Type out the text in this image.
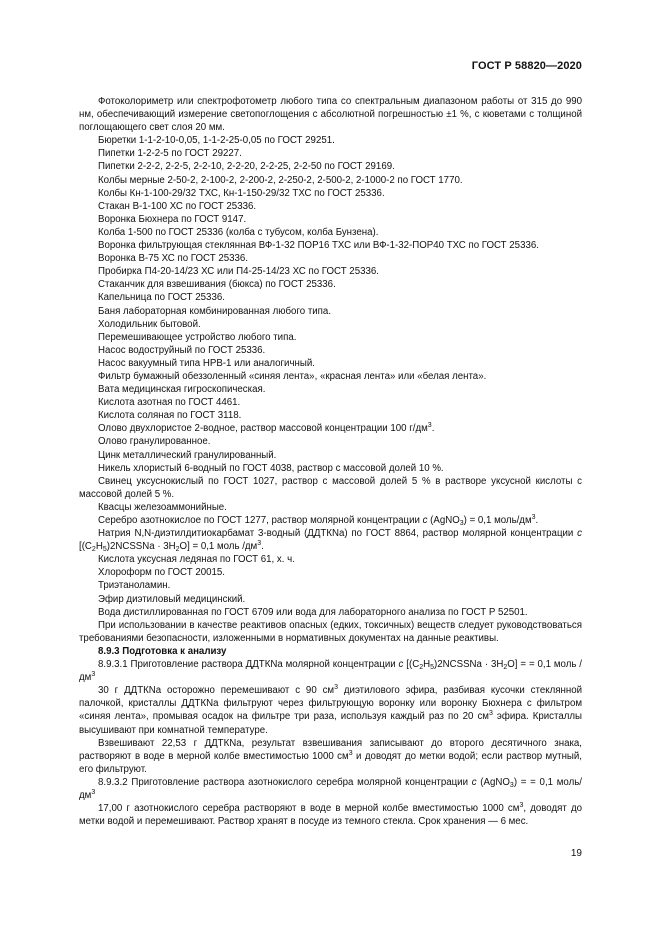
ГОСТ Р 58820—2020

Фотоколориметр или спектрофотометр любого типа со спектральным диапазоном работы от 315 до 990 нм, обеспечивающий измерение светопоглощения с абсолютной погрешностью ±1 %, с кюветами с толщиной поглощающего свет слоя 20 мм.

Бюретки 1-1-2-10-0,05, 1-1-2-25-0,05 по ГОСТ 29251.

Пипетки 1-2-2-5 по ГОСТ 29227.

Пипетки 2-2-2, 2-2-5, 2-2-10, 2-2-20, 2-2-25, 2-2-50 по ГОСТ 29169.

Колбы мерные 2-50-2, 2-100-2, 2-200-2, 2-250-2, 2-500-2, 2-1000-2 по ГОСТ 1770.

Колбы Кн-1-100-29/32 ТХС, Кн-1-150-29/32 ТХС по ГОСТ 25336.

Стакан В-1-100 ХС по ГОСТ 25336.

Воронка Бюхнера по ГОСТ 9147.

Колба 1-500 по ГОСТ 25336 (колба с тубусом, колба Бунзена).

Воронка фильтрующая стеклянная ВФ-1-32 ПОР16 ТХС или ВФ-1-32-ПОР40 ТХС по ГОСТ 25336.

Воронка В-75 ХС по ГОСТ 25336.

Пробирка П4-20-14/23 ХС или П4-25-14/23 ХС по ГОСТ 25336.

Стаканчик для взвешивания (бюкса) по ГОСТ 25336.

Капельница по ГОСТ 25336.

Баня лабораторная комбинированная любого типа.

Холодильник бытовой.

Перемешивающее устройство любого типа.

Насос водоструйный по ГОСТ 25336.

Насос вакуумный типа НРВ-1 или аналогичный.

Фильтр бумажный обеззоленный «синяя лента», «красная лента» или «белая лента».

Вата медицинская гигроскопическая.

Кислота азотная по ГОСТ 4461.

Кислота соляная по ГОСТ 3118.

Олово двухлористое 2-водное, раствор массовой концентрации 100 $г/дм^3$.

Олово гранулированное.

Цинк металлический гранулированный.

Никель хлористый 6-водный по ГОСТ 4038, раствор с массовой долей 10 %.

Свинец уксуснокислый по ГОСТ 1027, раствор с массовой долей 5 % в растворе уксусной кислоты с массовой долей 5 %.

Квасцы железоаммонийные.

Серебро азотнокислое по ГОСТ 1277, раствор молярной концентрации с (AgNO$_3$) = 0,1 моль/$дм^3$.

Натрия N,N-диэтилдитиокарбамат 3-водный (ДДТКNa) по ГОСТ 8864, раствор молярной концентрации с $[(C_2H_5)2NCSSNa \cdot 3H_2O] = 0,1$ моль $/дм^3$.

Кислота уксусная ледяная по ГОСТ 61, х. ч.

Хлороформ по ГОСТ 20015.

Триэтаноламин.

Эфир диэтиловый медицинский.

Вода дистиллированная по ГОСТ 6709 или вода для лабораторного анализа по ГОСТ Р 52501.

При использовании в качестве реактивов опасных (едких, токсичных) веществ следует руководствоваться требованиями безопасности, изложенными в нормативных документах на данные реактивы.

8.9.3 Подготовка к анализу

8.9.3.1 Приготовление раствора ДДТКNa молярной концентрации с $[(C_2H_5)2NCSSNa \cdot 3H_2O]$ = = 0,1 моль $/дм^3$

30 г ДДТКNa осторожно перемешивают с 90 $см^3$ диэтилового эфира, разбивая кусочки стеклянной палочкой, кристаллы ДДТКNa фильтруют через фильтрующую воронку или воронку Бюхнера с фильтром «синяя лента», промывая осадок на фильтре три раза, используя каждый раз по 20 $см^3$ эфира. Кристаллы высушивают при комнатной температуре.

Взвешивают 22,53 г ДДТКNa, результат взвешивания записывают до второго десятичного знака, растворяют в воде в мерной колбе вместимостью 1000 $см^3$ и доводят до метки водой; если раствор мутный, его фильтруют.

8.9.3.2 Приготовление раствора азотнокислого серебра молярной концентрации с (AgNO$_3$) = = 0,1 моль/$дм^3$

17,00 г азотнокислого серебра растворяют в воде в мерной колбе вместимостью 1000 $см^3$, доводят до метки водой и перемешивают. Раствор хранят в посуде из темного стекла. Срок хранения — 6 мес.

19
